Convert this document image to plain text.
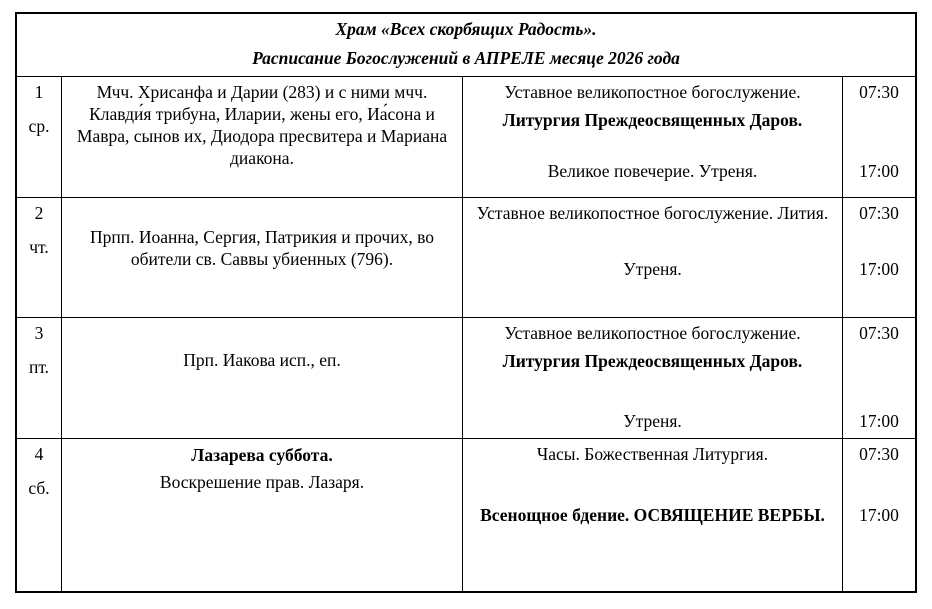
Храм «Всех скорбящих Радость».
Расписание Богослужений в АПРЕЛЕ месяце 2026 года
1
ср.
Мчч. Хрисанфа и Дарии (283) и с ними мчч. Клавди́я трибуна, Иларии, жены его, Иа́сона и Мавра, сынов их, Диодора пресвитера и Мариана диакона.
Уставное великопостное богослужение.
Литургия Преждеосвященных Даров.
Великое повечерие. Утреня.
07:30
17:00
2
чт.	Прпп. Иоанна, Сергия, Патрикия и прочих, во обители св. Саввы убиенных (796).
Уставное великопостное богослужение. Лития.
Утреня.
07:30
17:00
3
пт.	Прп. Иакова исп., еп.
Уставное великопостное богослужение.
Литургия Преждеосвященных Даров.
Утреня.
07:30
17:00
4
сб.
Лазарева суббота.
Воскрешение прав. Лазаря.
Часы. Божественная Литургия.
Всенощное бдение. ОСВЯЩЕНИЕ ВЕРБЫ.
07:30
17:00
